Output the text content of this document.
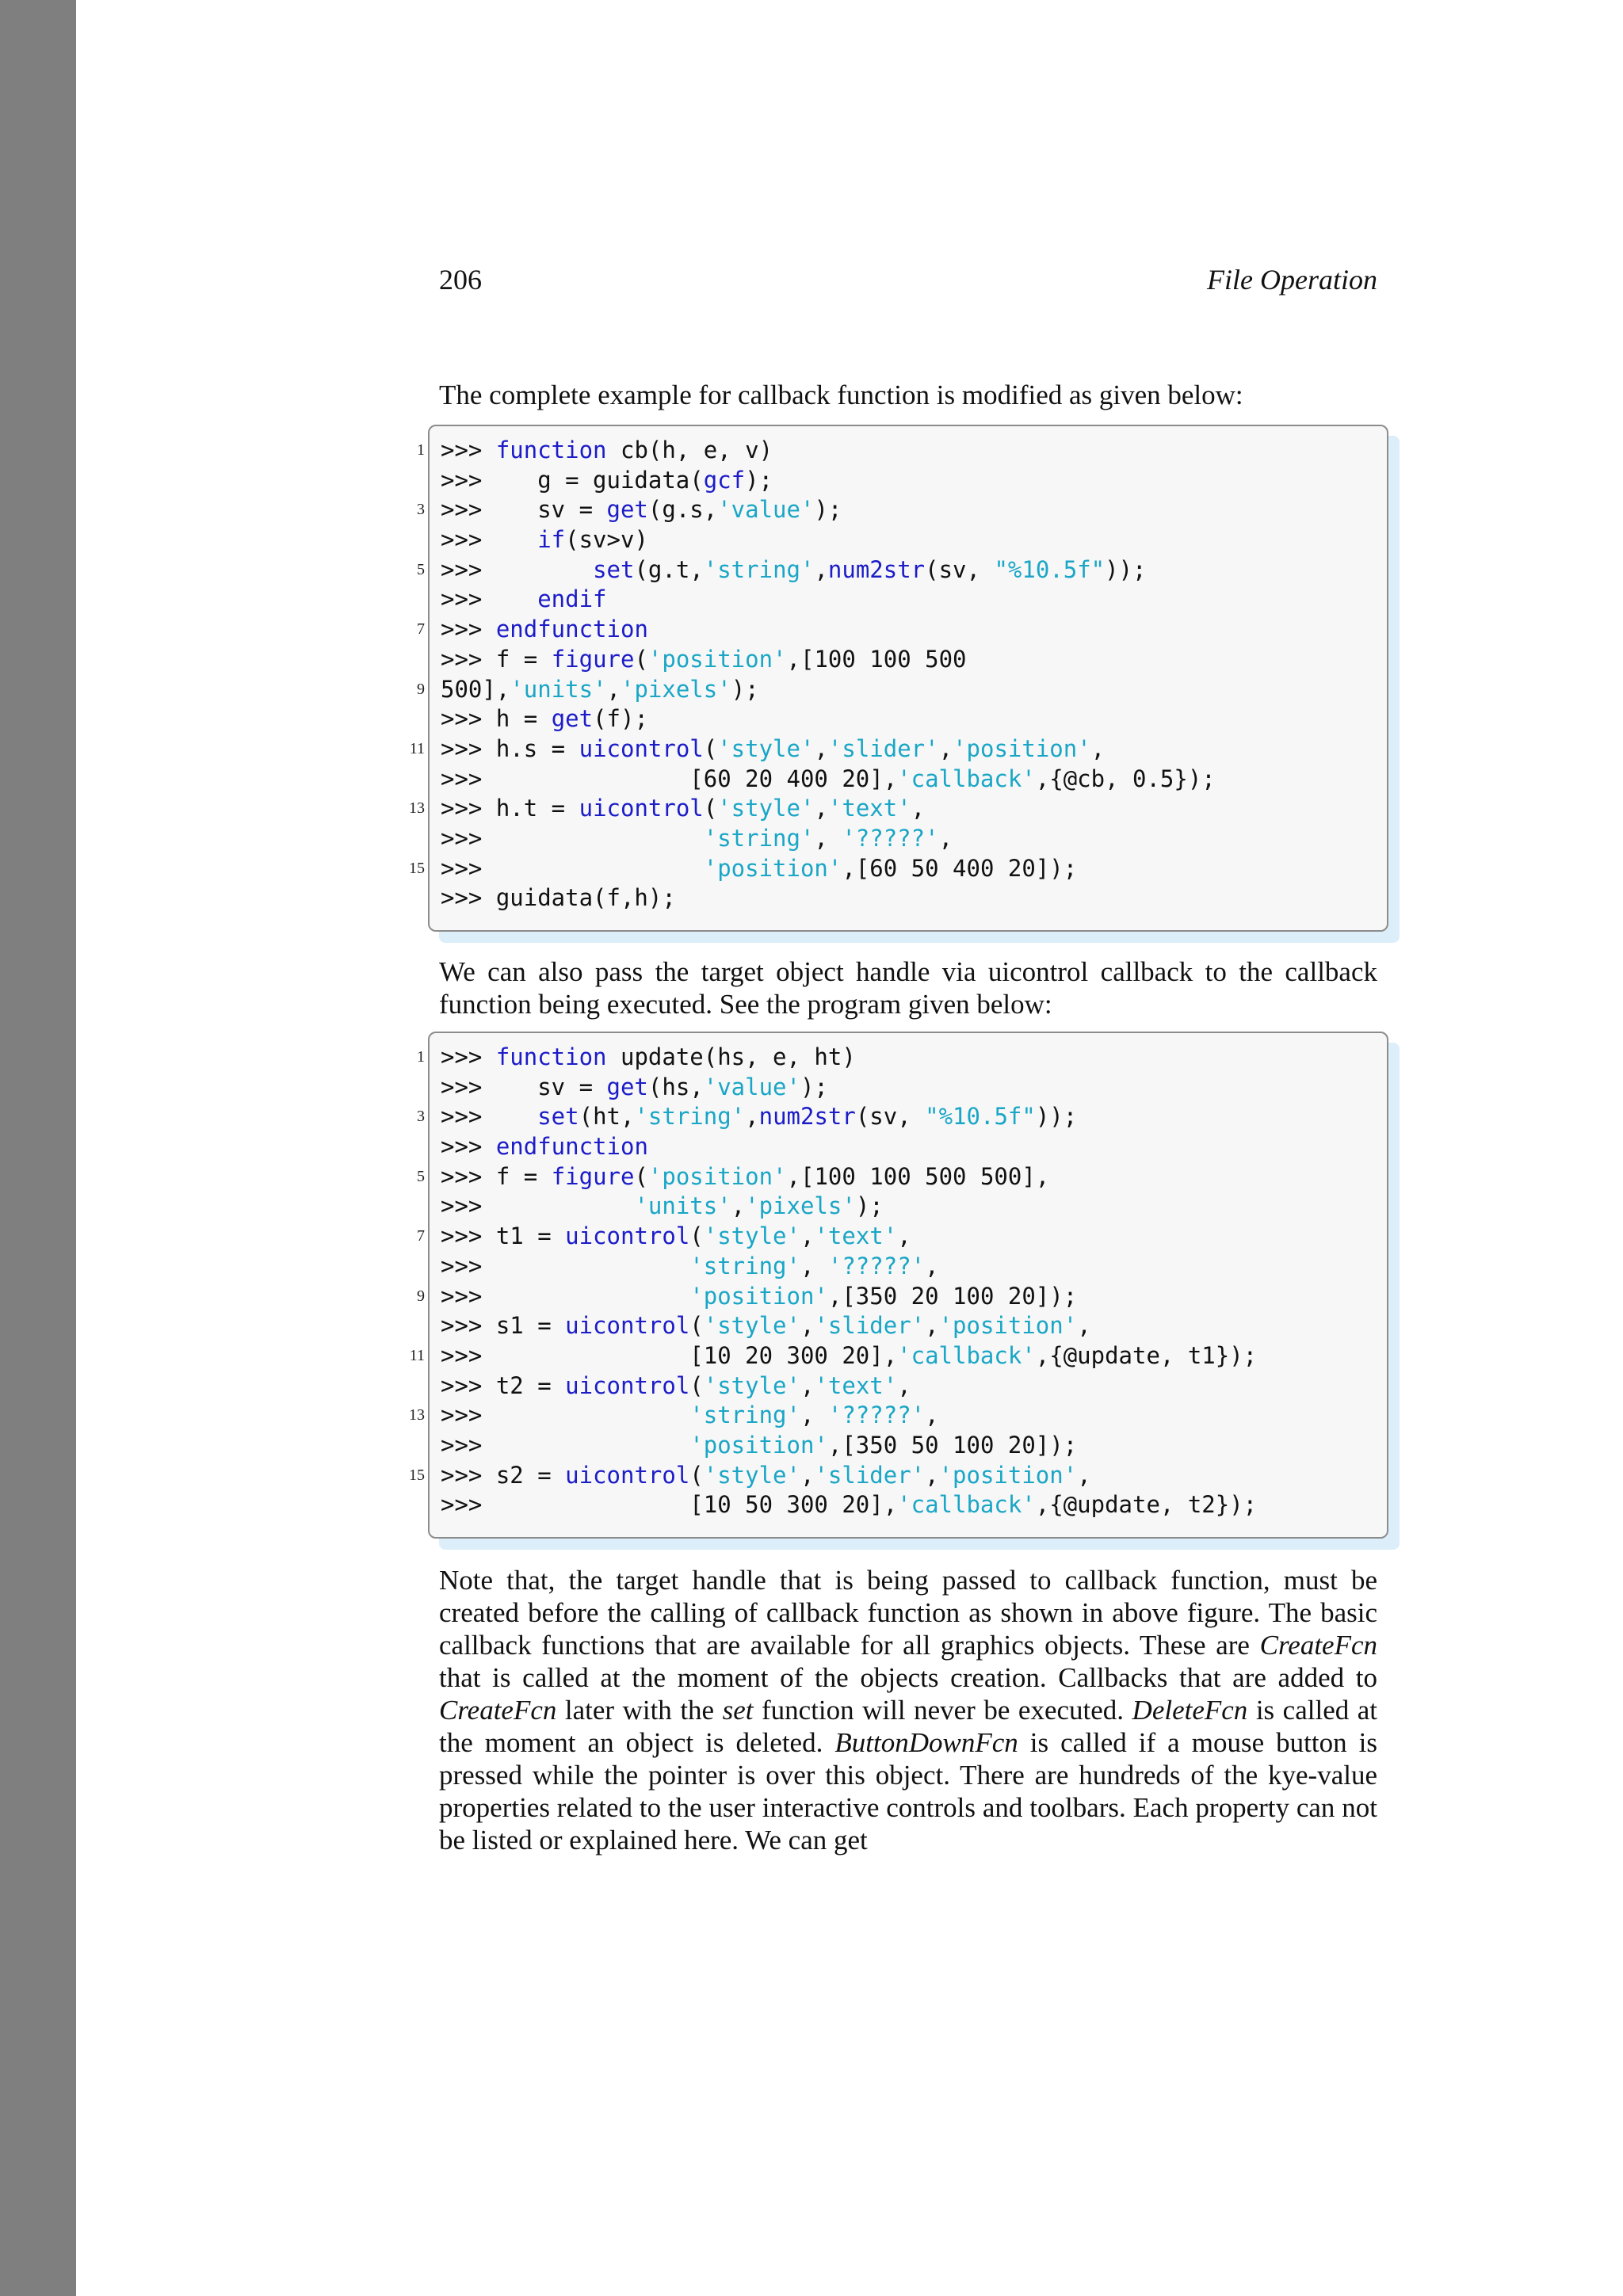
206	File Operation

The complete example for callback function is modified as given below:

1 >>> function cb(h, e, v)
>>>    g = guidata(gcf);
3 >>>    sv = get(g.s,'value');
>>>    if(sv>v)
5 >>>        set(g.t,'string',num2str(sv, "%10.5f"));
>>>    endif
7 >>> endfunction
>>> f = figure('position',[100 100 500
9 500],'units','pixels');
>>> h = get(f);
11 >>> h.s = uicontrol('style','slider','position',
>>>               [60 20 400 20],'callback',{@cb, 0.5});
13 >>> h.t = uicontrol('style','text',
>>>                'string', '?????',
15 >>>                'position',[60 50 400 20]);
>>> guidata(f,h);

We can also pass the target object handle via uicontrol callback to the callback function being executed. See the program given below:

1 >>> function update(hs, e, ht)
>>>    sv = get(hs,'value');
3 >>>    set(ht,'string',num2str(sv, "%10.5f"));
>>> endfunction
5 >>> f = figure('position',[100 100 500 500],
>>>           'units','pixels');
7 >>> t1 = uicontrol('style','text',
>>>               'string', '?????',
9 >>>               'position',[350 20 100 20]);
>>> s1 = uicontrol('style','slider','position',
11 >>>               [10 20 300 20],'callback',{@update, t1});
>>> t2 = uicontrol('style','text',
13 >>>               'string', '?????',
>>>               'position',[350 50 100 20]);
15 >>> s2 = uicontrol('style','slider','position',
>>>               [10 50 300 20],'callback',{@update, t2});

Note that, the target handle that is being passed to callback function, must be created before the calling of callback function as shown in above figure. The basic callback functions that are available for all graphics objects. These are CreateFcn that is called at the moment of the objects creation. Callbacks that are added to CreateFcn later with the set function will never be executed. DeleteFcn is called at the moment an object is deleted. ButtonDownFcn is called if a mouse button is pressed while the pointer is over this object. There are hundreds of the kye-value properties related to the user interactive controls and toolbars. Each property can not be listed or explained here. We can get
